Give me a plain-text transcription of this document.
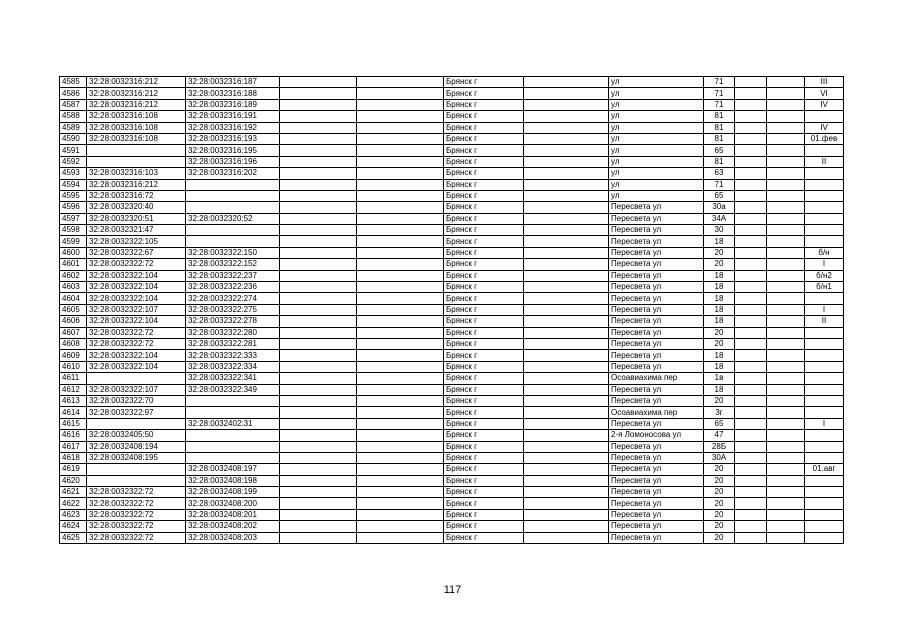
4585	32:28:0032316:212	32:28:0032316:187			Брянск г		ул	71			III
4586	32:28:0032316:212	32:28:0032316:188			Брянск г		ул	71			VI
4587	32:28:0032316:212	32:28:0032316:189			Брянск г		ул	71			IV
4588	32:28:0032316:108	32:28:0032316:191			Брянск г		ул	81			
4589	32:28:0032316:108	32:28:0032316:192			Брянск г		ул	81			IV
4590	32:28:0032316:108	32:28:0032316:193			Брянск г		ул	81			01.фев
4591		32:28:0032316:195			Брянск г		ул	65			
4592		32:28:0032316:196			Брянск г		ул	81			II
4593	32:28:0032316:103	32:28:0032316:202			Брянск г		ул	63			
4594	32:28:0032316:212				Брянск г		ул	71			
4595	32:28:0032316:72				Брянск г		ул	65			
4596	32:28:0032320:40				Брянск г		Пересвета ул	30а			
4597	32:28:0032320:51	32:28:0032320:52			Брянск г		Пересвета ул	34А			
4598	32:28:0032321:47				Брянск г		Пересвета ул	30			
4599	32:28:0032322:105				Брянск г		Пересвета ул	18			
4600	32:28:0032322:67	32:28:0032322:150			Брянск г		Пересвета ул	20			б/н
4601	32:28:0032322:72	32:28:0032322:152			Брянск г		Пересвета ул	20			I
4602	32:28:0032322:104	32:28:0032322:237			Брянск г		Пересвета ул	18			б/н2
4603	32:28:0032322:104	32:28:0032322:236			Брянск г		Пересвета ул	18			б/н1
4604	32:28:0032322:104	32:28:0032322:274			Брянск г		Пересвета ул	18			
4605	32:28:0032322:107	32:28:0032322:275			Брянск г		Пересвета ул	18			I
4606	32:28:0032322:104	32:28:0032322:278			Брянск г		Пересвета ул	18			II
4607	32:28:0032322:72	32:28:0032322:280			Брянск г		Пересвета ул	20			
4608	32:28:0032322:72	32:28:0032322:281			Брянск г		Пересвета ул	20			
4609	32:28:0032322:104	32:28:0032322:333			Брянск г		Пересвета ул	18			
4610	32:28:0032322:104	32:28:0032322:334			Брянск г		Пересвета ул	18			
4611		32:28:0032322:341			Брянск г		Осоавиахима пер	1в			
4612	32:28:0032322:107	32:28:0032322:349			Брянск г		Пересвета ул	18			
4613	32:28:0032322:70				Брянск г		Пересвета ул	20			
4614	32:28:0032322:97				Брянск г		Осоавиахима пер	3г			
4615		32:28:0032402:31			Брянск г		Пересвета ул	65			I
4616	32:28:0032405:50				Брянск г		2-я Ломоносова ул	47			
4617	32:28:0032408:194				Брянск г		Пересвета ул	28Б			
4618	32:28:0032408:195				Брянск г		Пересвета ул	30А			
4619		32:28:0032408:197			Брянск г		Пересвета ул	20			01.авг
4620		32:28:0032408:198			Брянск г		Пересвета ул	20			
4621	32:28:0032322:72	32:28:0032408:199			Брянск г		Пересвета ул	20			
4622	32:28:0032322:72	32:28:0032408:200			Брянск г		Пересвета ул	20			
4623	32:28:0032322:72	32:28:0032408:201			Брянск г		Пересвета ул	20			
4624	32:28:0032322:72	32:28:0032408:202			Брянск г		Пересвета ул	20			
4625	32:28:0032322:72	32:28:0032408:203			Брянск г		Пересвета ул	20			
117
